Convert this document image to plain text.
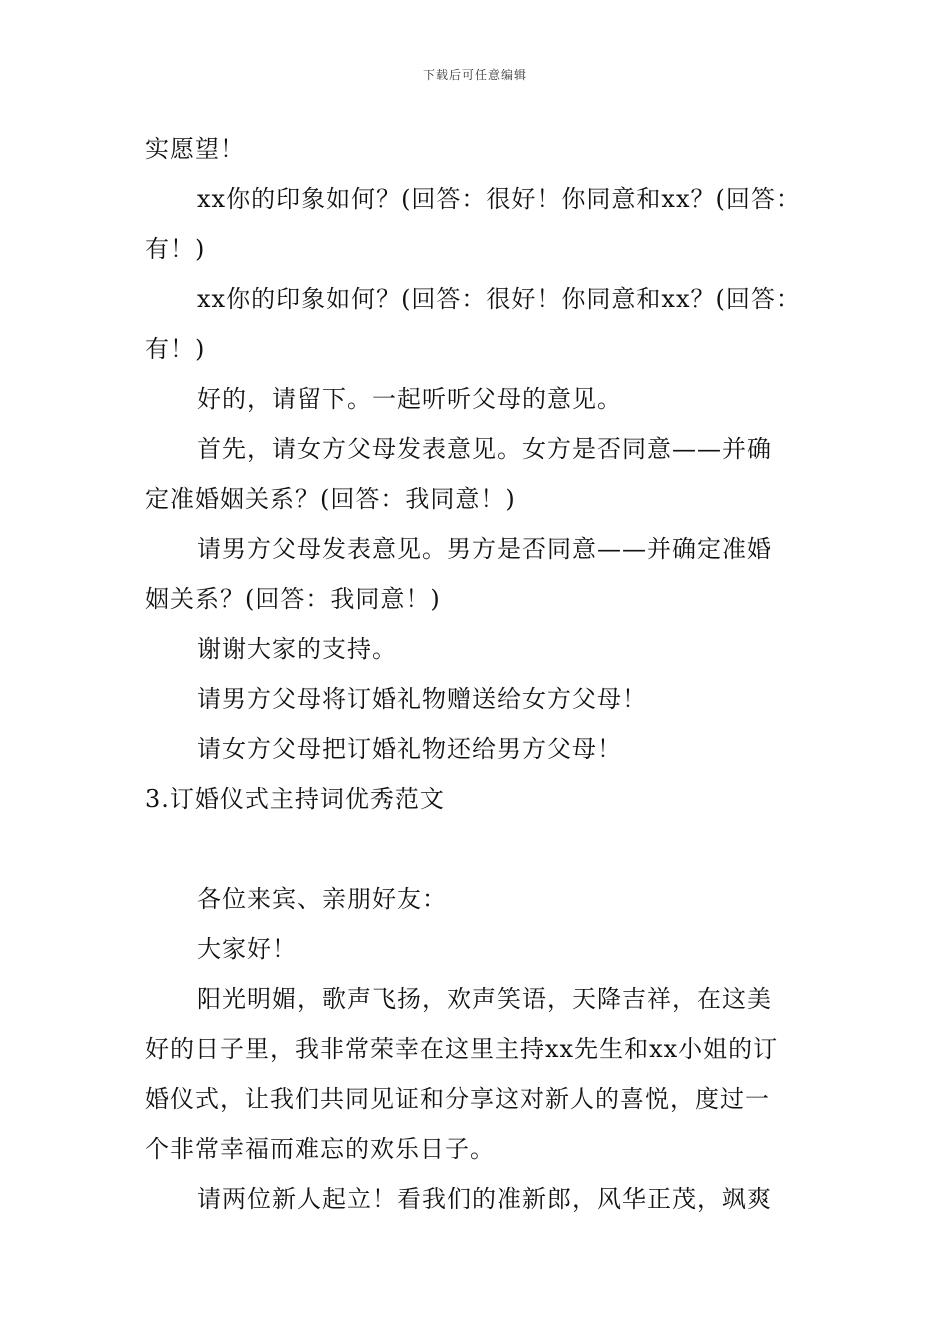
下载后可任意编辑
实愿望！
xx你的印象如何？(回答：很好！你同意和xx？(回答：
有！)
xx你的印象如何？(回答：很好！你同意和xx？(回答：
有！)
好的，请留下。一起听听父母的意见。
首先，请女方父母发表意见。女方是否同意——并确
定准婚姻关系？(回答：我同意！)
请男方父母发表意见。男方是否同意——并确定准婚
姻关系？(回答：我同意！)
谢谢大家的支持。
请男方父母将订婚礼物赠送给女方父母！
请女方父母把订婚礼物还给男方父母！
3.订婚仪式主持词优秀范文
各位来宾、亲朋好友：
大家好！
阳光明媚，歌声飞扬，欢声笑语，天降吉祥，在这美
好的日子里，我非常荣幸在这里主持xx先生和xx小姐的订
婚仪式，让我们共同见证和分享这对新人的喜悦，度过一
个非常幸福而难忘的欢乐日子。
请两位新人起立！看我们的准新郎，风华正茂，飒爽
